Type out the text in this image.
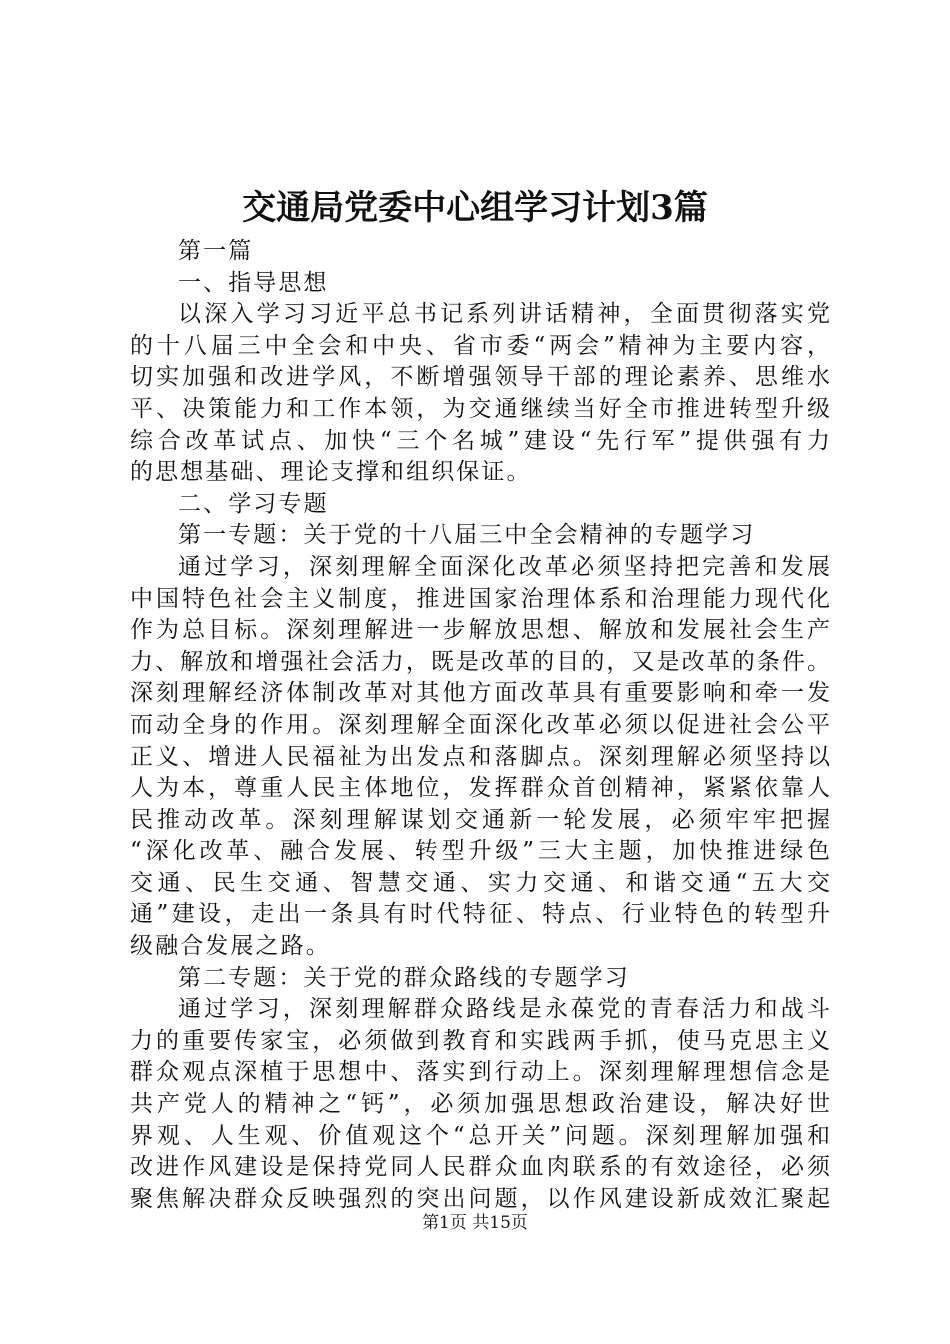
交通局党委中心组学习计划3篇
第一篇
一、指导思想
以深入学习习近平总书记系列讲话精神，全面贯彻落实党
的十八届三中全会和中央、省市委“两会”精神为主要内容，
切实加强和改进学风，不断增强领导干部的理论素养、思维水
平、决策能力和工作本领，为交通继续当好全市推进转型升级
综合改革试点、加快“三个名城”建设“先行军”提供强有力
的思想基础、理论支撑和组织保证。
二、学习专题
第一专题：关于党的十八届三中全会精神的专题学习
通过学习，深刻理解全面深化改革必须坚持把完善和发展
中国特色社会主义制度，推进国家治理体系和治理能力现代化
作为总目标。深刻理解进一步解放思想、解放和发展社会生产
力、解放和增强社会活力，既是改革的目的，又是改革的条件。
深刻理解经济体制改革对其他方面改革具有重要影响和牵一发
而动全身的作用。深刻理解全面深化改革必须以促进社会公平
正义、增进人民福祉为出发点和落脚点。深刻理解必须坚持以
人为本，尊重人民主体地位，发挥群众首创精神，紧紧依靠人
民推动改革。深刻理解谋划交通新一轮发展，必须牢牢把握
“深化改革、融合发展、转型升级”三大主题，加快推进绿色
交通、民生交通、智慧交通、实力交通、和谐交通“五大交
通”建设，走出一条具有时代特征、特点、行业特色的转型升
级融合发展之路。
第二专题：关于党的群众路线的专题学习
通过学习，深刻理解群众路线是永葆党的青春活力和战斗
力的重要传家宝，必须做到教育和实践两手抓，使马克思主义
群众观点深植于思想中、落实到行动上。深刻理解理想信念是
共产党人的精神之“钙”，必须加强思想政治建设，解决好世
界观、人生观、价值观这个“总开关”问题。深刻理解加强和
改进作风建设是保持党同人民群众血肉联系的有效途径，必须
聚焦解决群众反映强烈的突出问题，以作风建设新成效汇聚起
第1页 共15页
